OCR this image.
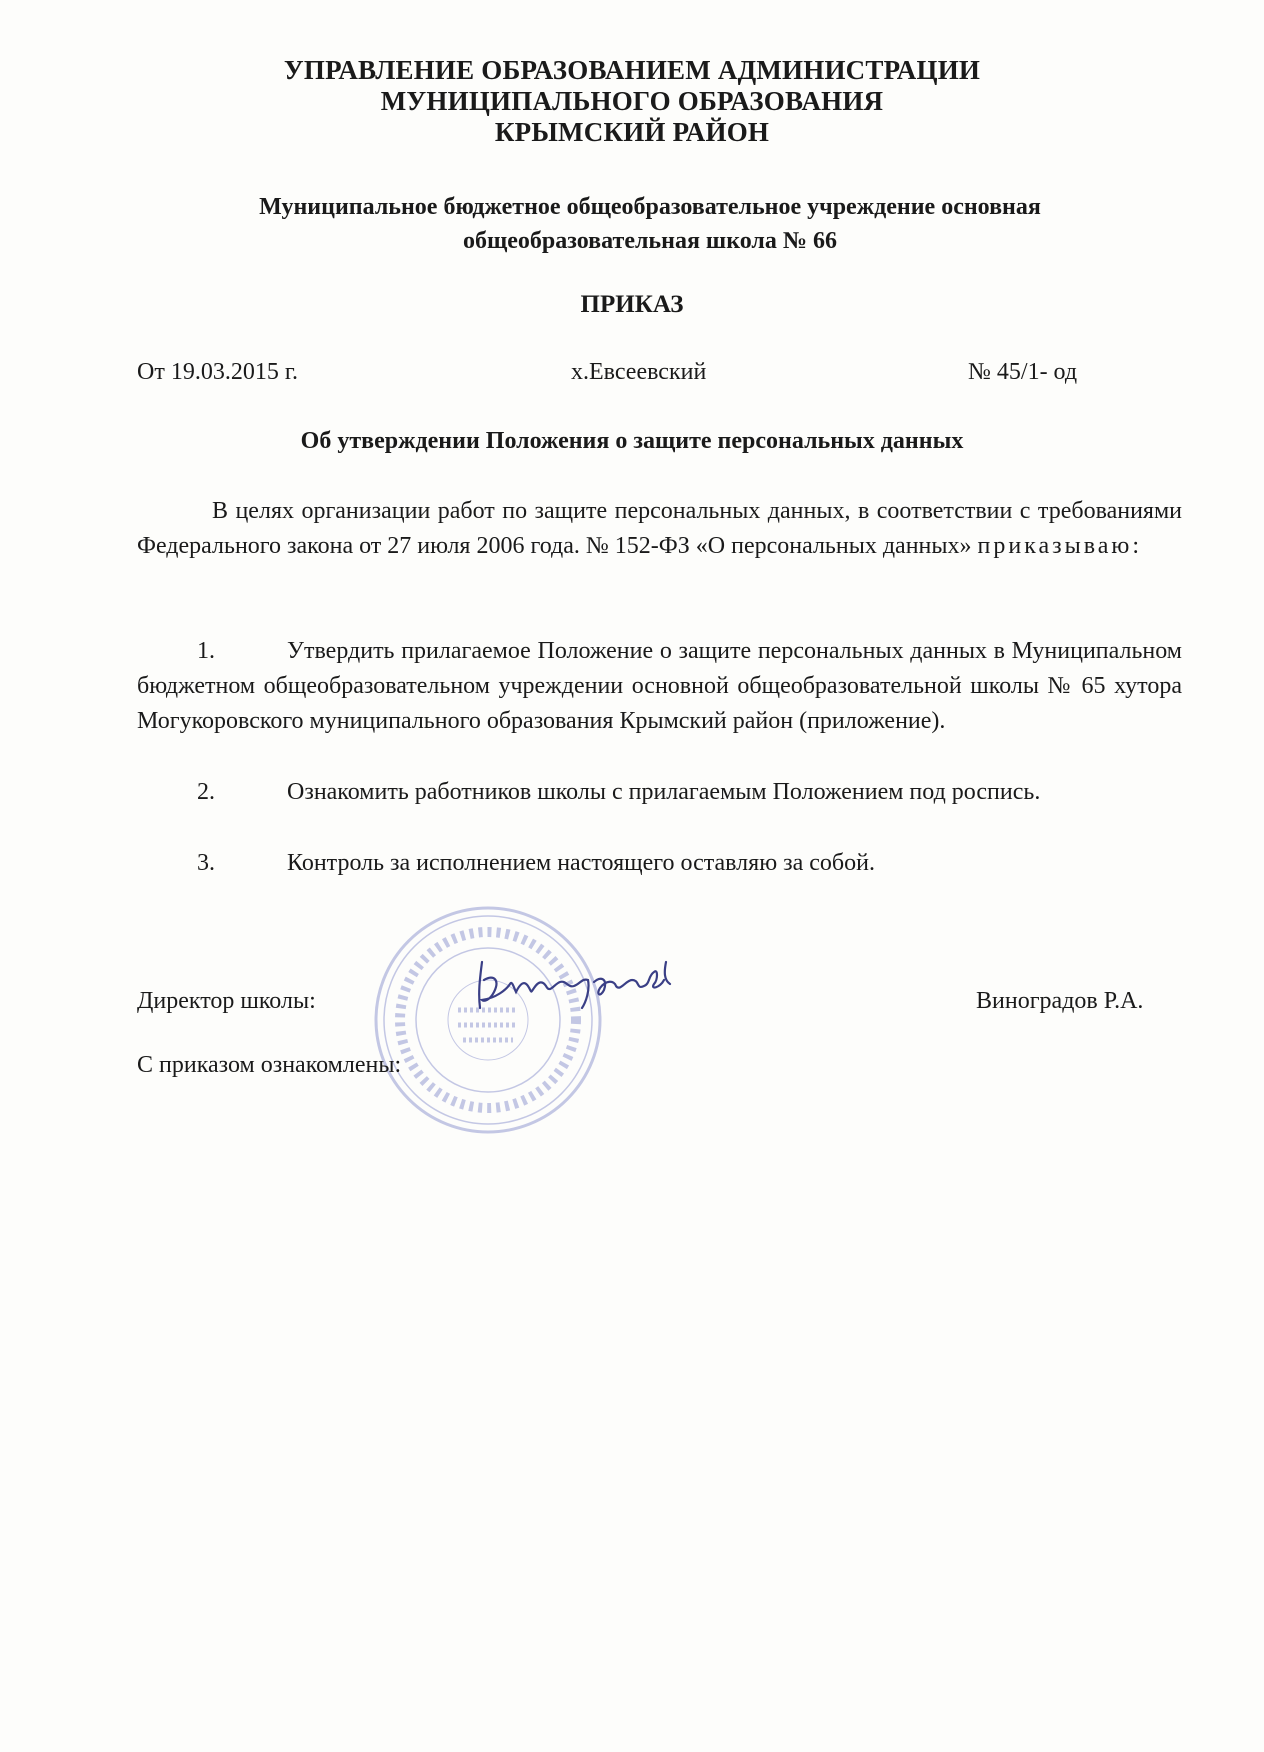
УПРАВЛЕНИЕ ОБРАЗОВАНИЕМ АДМИНИСТРАЦИИ
МУНИЦИПАЛЬНОГО ОБРАЗОВАНИЯ
КРЫМСКИЙ РАЙОН
Муниципальное бюджетное общеобразовательное учреждение основная
общеобразовательная школа № 66
ПРИКАЗ
От 19.03.2015 г.	х.Евсеевский	№ 45/1- од
Об утверждении Положения о защите персональных данных
В целях организации работ по защите персональных данных, в соответствии с требованиями Федерального закона от 27 июля 2006 года. № 152-ФЗ «О персональных данных» приказываю:
1.	Утвердить прилагаемое Положение о защите персональных данных в Муниципальном бюджетном общеобразовательном учреждении основной общеобразовательной школы № 65 хутора Могукоровского муниципального образования Крымский район (приложение).
2.	Ознакомить работников школы с прилагаемым Положением под роспись.
3.	Контроль за исполнением настоящего оставляю за собой.
Директор школы:	Виноградов Р.А.
С приказом ознакомлены:
